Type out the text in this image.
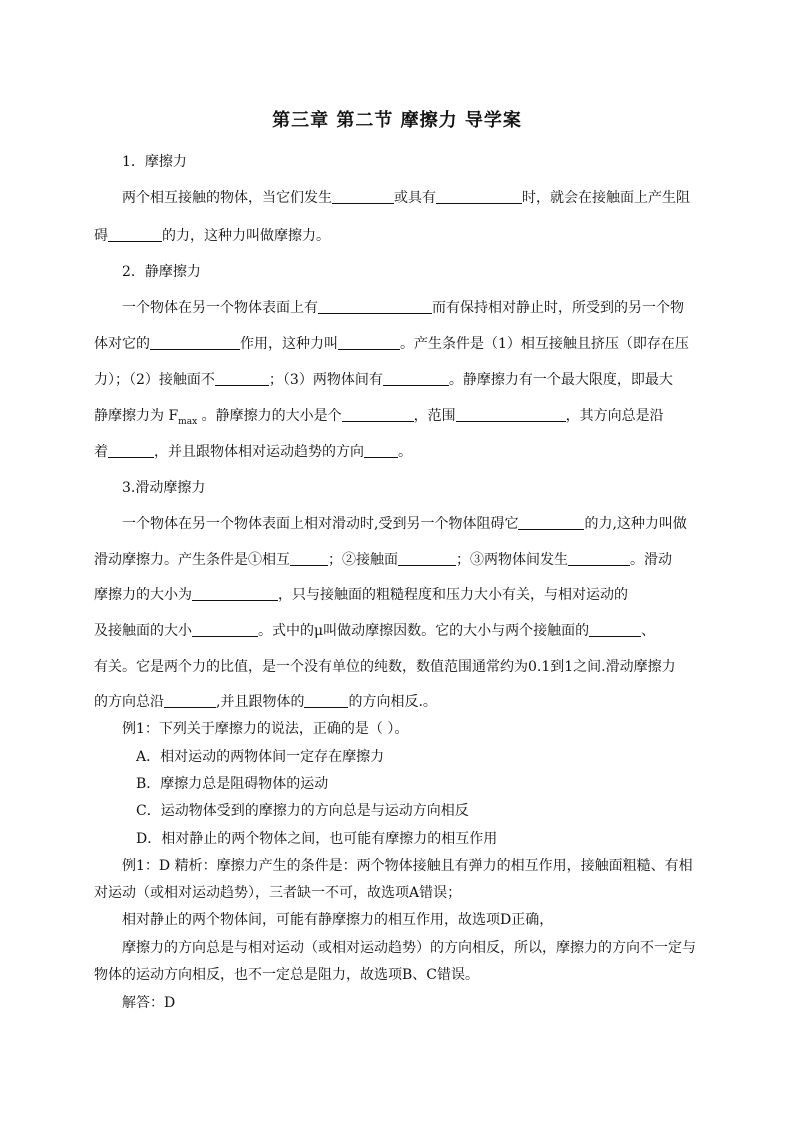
第三章 第二节 摩擦力 导学案
1．摩擦力
两个相互接触的物体，当它们发生	或具有	时，就会在接触面上产生阻
碍	的力，这种力叫做摩擦力。
2．静摩擦力
一个物体在另一个物体表面上有	而有保持相对静止时，所受到的另一个物
体对它的	作用，这种力叫	。产生条件是（1）相互接触且挤压（即存在压
力）；（2）接触面不	；（3）两物体间有	。静摩擦力有一个最大限度，即最大
静摩擦力为 $F_{max}$ 。静摩擦力的大小是个	，范围	，其方向总是沿
着	，并且跟物体相对运动趋势的方向 。
3.滑动摩擦力
一个物体在另一个物体表面上相对滑动时,受到另一个物体阻碍它	的力,这种力叫做
滑动摩擦力。产生条件是①相互	；②接触面	；③两物体间发生	。滑动
摩擦力的大小为	，只与接触面的粗糙程度和压力大小有关，与相对运动的
及接触面的大小	。式中的μ叫做动摩擦因数。它的大小与两个接触面的	、
有关。它是两个力的比值，是一个没有单位的纯数，数值范围通常约为0.1到1之间.滑动摩擦力
的方向总沿	,并且跟物体的	的方向相反.。
例1：下列关于摩擦力的说法，正确的是（ ）。
A．相对运动的两物体间一定存在摩擦力
B．摩擦力总是阻碍物体的运动
C．运动物体受到的摩擦力的方向总是与运动方向相反
D．相对静止的两个物体之间，也可能有摩擦力的相互作用
例1：D 精析：摩擦力产生的条件是：两个物体接触且有弹力的相互作用，接触面粗糙、有相
对运动（或相对运动趋势），三者缺一不可，故选项A错误；
相对静止的两个物体间，可能有静摩擦力的相互作用，故选项D正确，
摩擦力的方向总是与相对运动（或相对运动趋势）的方向相反，所以，摩擦力的方向不一定与
物体的运动方向相反，也不一定总是阻力，故选项B、C错误。
解答：D
